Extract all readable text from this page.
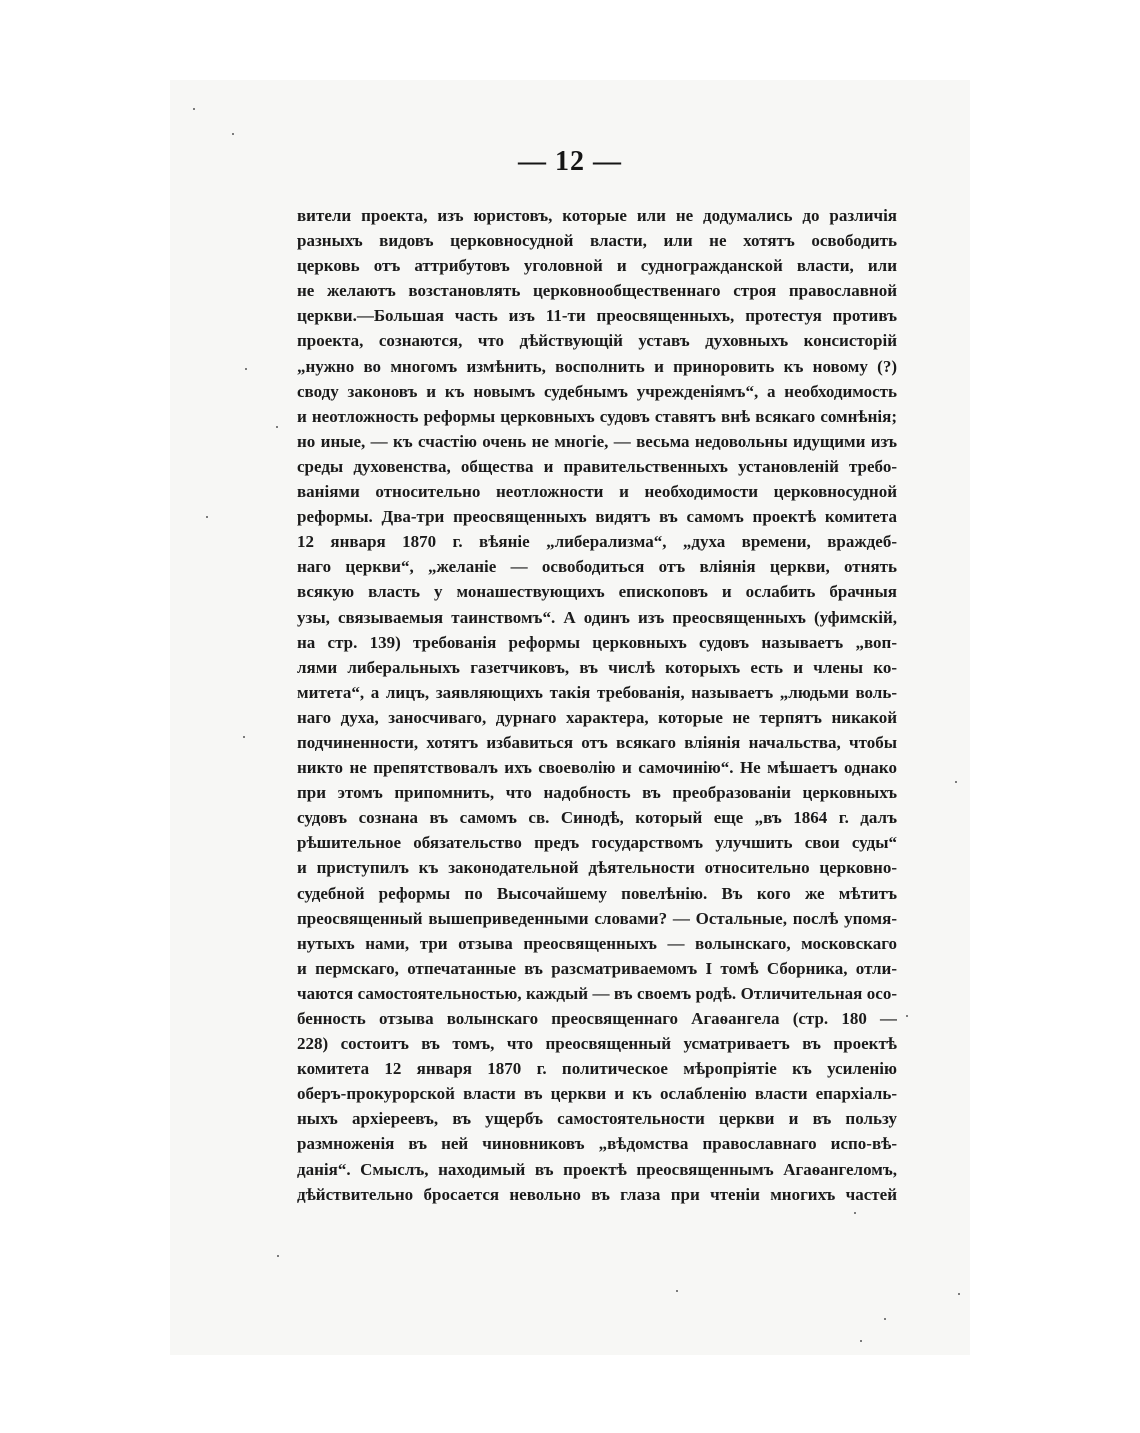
— 12 —
вители проекта, изъ юристовъ, которые или не додумались до различія
разныхъ видовъ церковносудной власти, или не хотятъ освободить
церковь отъ аттрибутовъ уголовной и судногражданской власти, или
не желаютъ возстановлять церковнообщественнаго строя православной
церкви.—Большая часть изъ 11-ти преосвященныхъ, протестуя противъ
проекта, сознаются, что дѣйствующій уставъ духовныхъ консисторій
„нужно во многомъ измѣнить, восполнить и приноровить къ новому (?)
своду законовъ и къ новымъ судебнымъ учрежденіямъ“, а необходимость
и неотложность реформы церковныхъ судовъ ставятъ внѣ всякаго сомнѣнія;
но иные, — къ счастію очень не многіе, — весьма недовольны идущими изъ
среды духовенства, общества и правительственныхъ установленій требо-
ваніями относительно неотложности и необходимости церковносудной
реформы. Два-три преосвященныхъ видятъ въ самомъ проектѣ комитета
12 января 1870 г. вѣяніе „либерализма“, „духа времени, враждеб-
наго церкви“, „желаніе — освободиться отъ вліянія церкви, отнять
всякую власть у монашествующихъ епископовъ и ослабить брачныя
узы, связываемыя таинствомъ“. А одинъ изъ преосвященныхъ (уфимскій,
на стр. 139) требованія реформы церковныхъ судовъ называетъ „воп-
лями либеральныхъ газетчиковъ, въ числѣ которыхъ есть и члены ко-
митета“, а лицъ, заявляющихъ такія требованія, называетъ „людьми воль-
наго духа, заносчиваго, дурнаго характера, которые не терпятъ никакой
подчиненности, хотятъ избавиться отъ всякаго вліянія начальства, чтобы
никто не препятствовалъ ихъ своеволію и самочинію“. Не мѣшаетъ однако
при этомъ припомнить, что надобность въ преобразованіи церковныхъ
судовъ сознана въ самомъ св. Синодѣ, который еще „въ 1864 г. далъ
рѣшительное обязательство предъ государствомъ улучшить свои суды“
и приступилъ къ законодательной дѣятельности относительно церковно-
судебной реформы по Высочайшему повелѣнію. Въ кого же мѣтитъ
преосвященный вышеприведенными словами? — Остальные, послѣ упомя-
нутыхъ нами, три отзыва преосвященныхъ — волынскаго, московскаго
и пермскаго, отпечатанные въ разсматриваемомъ I томѣ Сборника, отли-
чаются самостоятельностью, каждый — въ своемъ родѣ. Отличительная осо-
бенность отзыва волынскаго преосвященнаго Агаѳангела (стр. 180 —
228) состоитъ въ томъ, что преосвященный усматриваетъ въ проектѣ
комитета 12 января 1870 г. политическое мѣропріятіе къ усиленію
оберъ-прокурорской власти въ церкви и къ ослабленію власти епархіаль-
ныхъ архіереевъ, въ ущербъ самостоятельности церкви и въ пользу
размноженія въ ней чиновниковъ „вѣдомства православнаго испо-вѣ-
данія“. Смыслъ, находимый въ проектѣ преосвященнымъ Агаѳангеломъ,
дѣйствительно бросается невольно въ глаза при чтеніи многихъ частей
